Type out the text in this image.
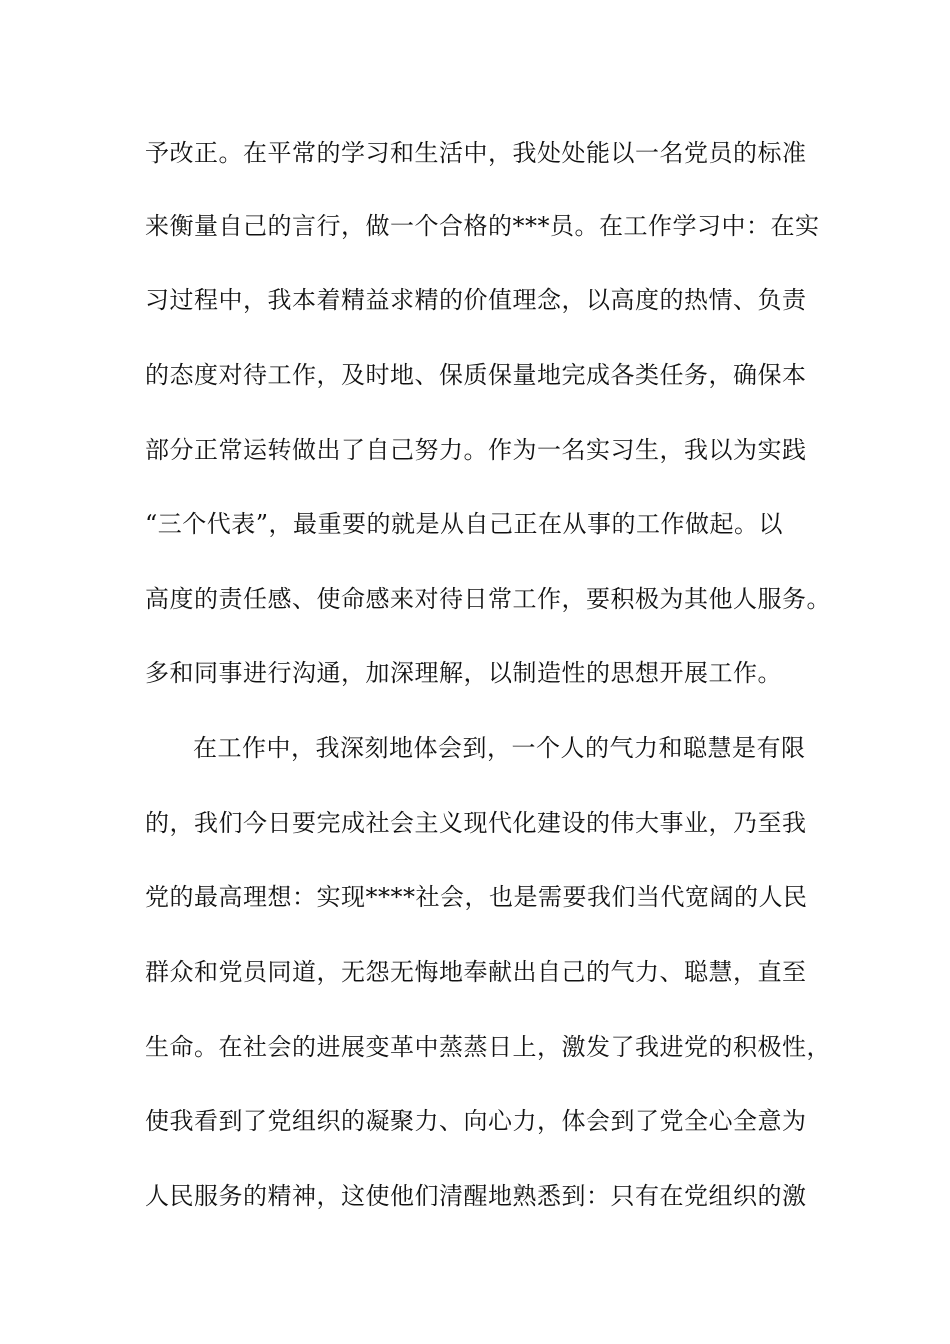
予改正。在平常的学习和生活中，我处处能以一名党员的标准
来衡量自己的言行，做一个合格的***员。在工作学习中：在实
习过程中，我本着精益求精的价值理念，以高度的热情、负责
的态度对待工作，及时地、保质保量地完成各类任务，确保本
部分正常运转做出了自己努力。作为一名实习生，我以为实践
“三个代表”，最重要的就是从自己正在从事的工作做起。以
高度的责任感、使命感来对待日常工作，要积极为其他人服务。
多和同事进行沟通，加深理解，以制造性的思想开展工作。
在工作中，我深刻地体会到，一个人的气力和聪慧是有限
的，我们今日要完成社会主义现代化建设的伟大事业，乃至我
党的最高理想：实现****社会，也是需要我们当代宽阔的人民
群众和党员同道，无怨无悔地奉献出自己的气力、聪慧，直至
生命。在社会的进展变革中蒸蒸日上，激发了我进党的积极性，
使我看到了党组织的凝聚力、向心力，体会到了党全心全意为
人民服务的精神，这使他们清醒地熟悉到：只有在党组织的激
